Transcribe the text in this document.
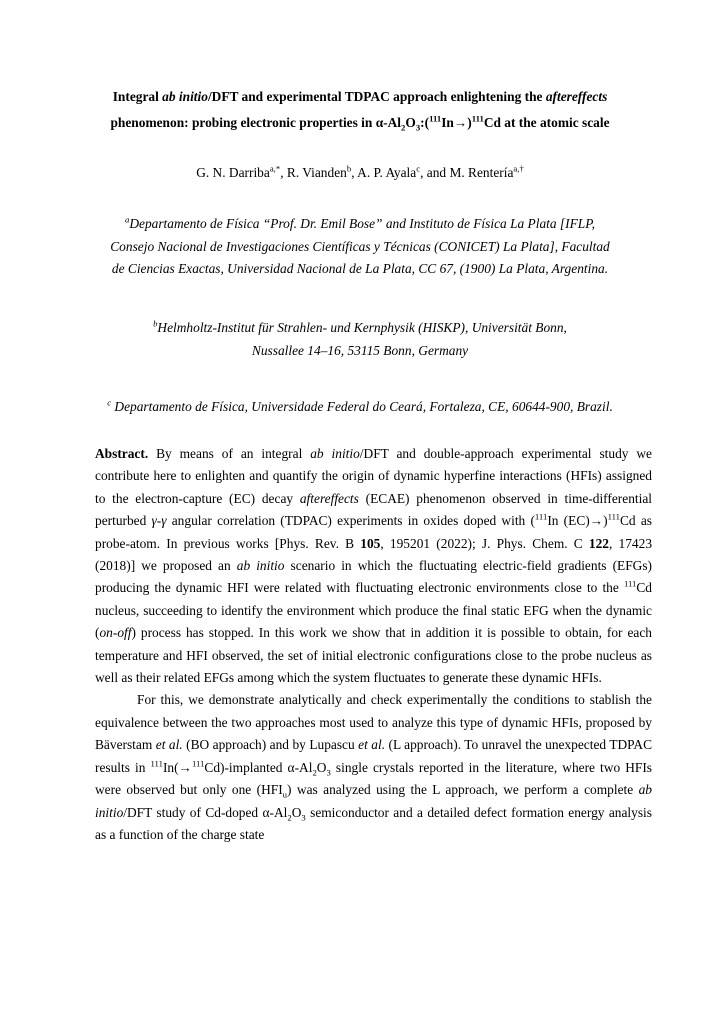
Integral ab initio/DFT and experimental TDPAC approach enlightening the aftereffects
phenomenon: probing electronic properties in $\alpha-Al_2O_3:(^{111}In\to)^{111}Cd$ at the atomic scale
G. N. Darriba$^{a,*}$, R. Vianden$^b$, A. P. Ayala$^c$, and M. Rentería$^{a,\dagger}$
$^a$Departamento de Física “Prof. Dr. Emil Bose” and Instituto de Física La Plata [IFLP,
Consejo Nacional de Investigaciones Científicas y Técnicas (CONICET) La Plata], Facultad
de Ciencias Exactas, Universidad Nacional de La Plata, CC 67, (1900) La Plata, Argentina.
$^b$Helmholtz-Institut für Strahlen- und Kernphysik (HISKP), Universität Bonn,
Nussallee 14–16, 53115 Bonn, Germany
$^c$ Departamento de Física, Universidade Federal do Ceará, Fortaleza, CE, 60644-900, Brazil.

Abstract. By means of an integral ab initio/DFT and double-approach experimental study we contribute here to enlighten and quantify the origin of dynamic hyperfine interactions (HFIs) assigned to the electron-capture (EC) decay aftereffects (ECAE) phenomenon observed in time-differential perturbed γ-γ angular correlation (TDPAC) experiments in oxides doped with ($^{111}$In (EC)→)$^{111}$Cd as probe-atom. In previous works [Phys. Rev. B 105, 195201 (2022); J. Phys. Chem. C 122, 17423 (2018)] we proposed an ab initio scenario in which the fluctuating electric-field gradients (EFGs) producing the dynamic HFI were related with fluctuating electronic environments close to the $^{111}$Cd nucleus, succeeding to identify the environment which produce the final static EFG when the dynamic (on-off) process has stopped. In this work we show that in addition it is possible to obtain, for each temperature and HFI observed, the set of initial electronic configurations close to the probe nucleus as well as their related EFGs among which the system fluctuates to generate these dynamic HFIs.

For this, we demonstrate analytically and check experimentally the conditions to stablish the equivalence between the two approaches most used to analyze this type of dynamic HFIs, proposed by Bäverstam et al. (BO approach) and by Lupascu et al. (L approach). To unravel the unexpected TDPAC results in $^{111}$In(→$^{111}$Cd)-implanted $\alpha-Al_2O_3$ single crystals reported in the literature, where two HFIs were observed but only one $(HFI_u)$ was analyzed using the L approach, we perform a complete ab initio/DFT study of Cd-doped $\alpha-Al_2O_3$ semiconductor and a detailed defect formation energy analysis as a function of the charge state
